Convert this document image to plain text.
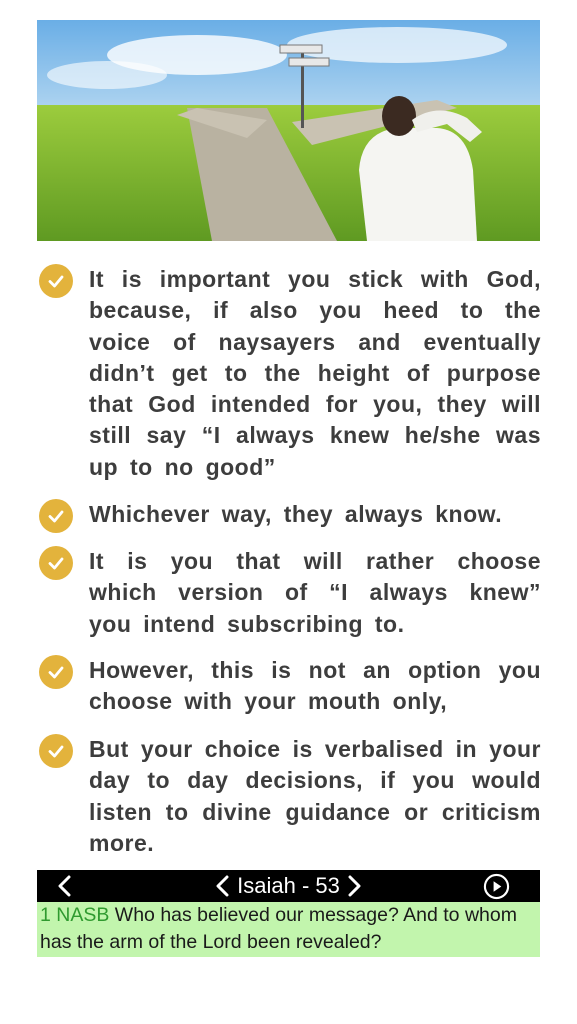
It is important you stick with God, because, if also you heed to the voice of naysayers and eventually didn’t get to the height of purpose that God intended for you, they will still say “I always knew he/she was up to no good”
Whichever way, they always know.
It is you that will rather choose which version of “I always knew” you intend subscribing to.
However, this is not an option you choose with your mouth only,
But your choice is verbalised in your day to day decisions, if you would listen to divine guidance or criticism more.
Isaiah - 53
1 NASB Who has believed our message? And to whom has the arm of the Lord been revealed?
